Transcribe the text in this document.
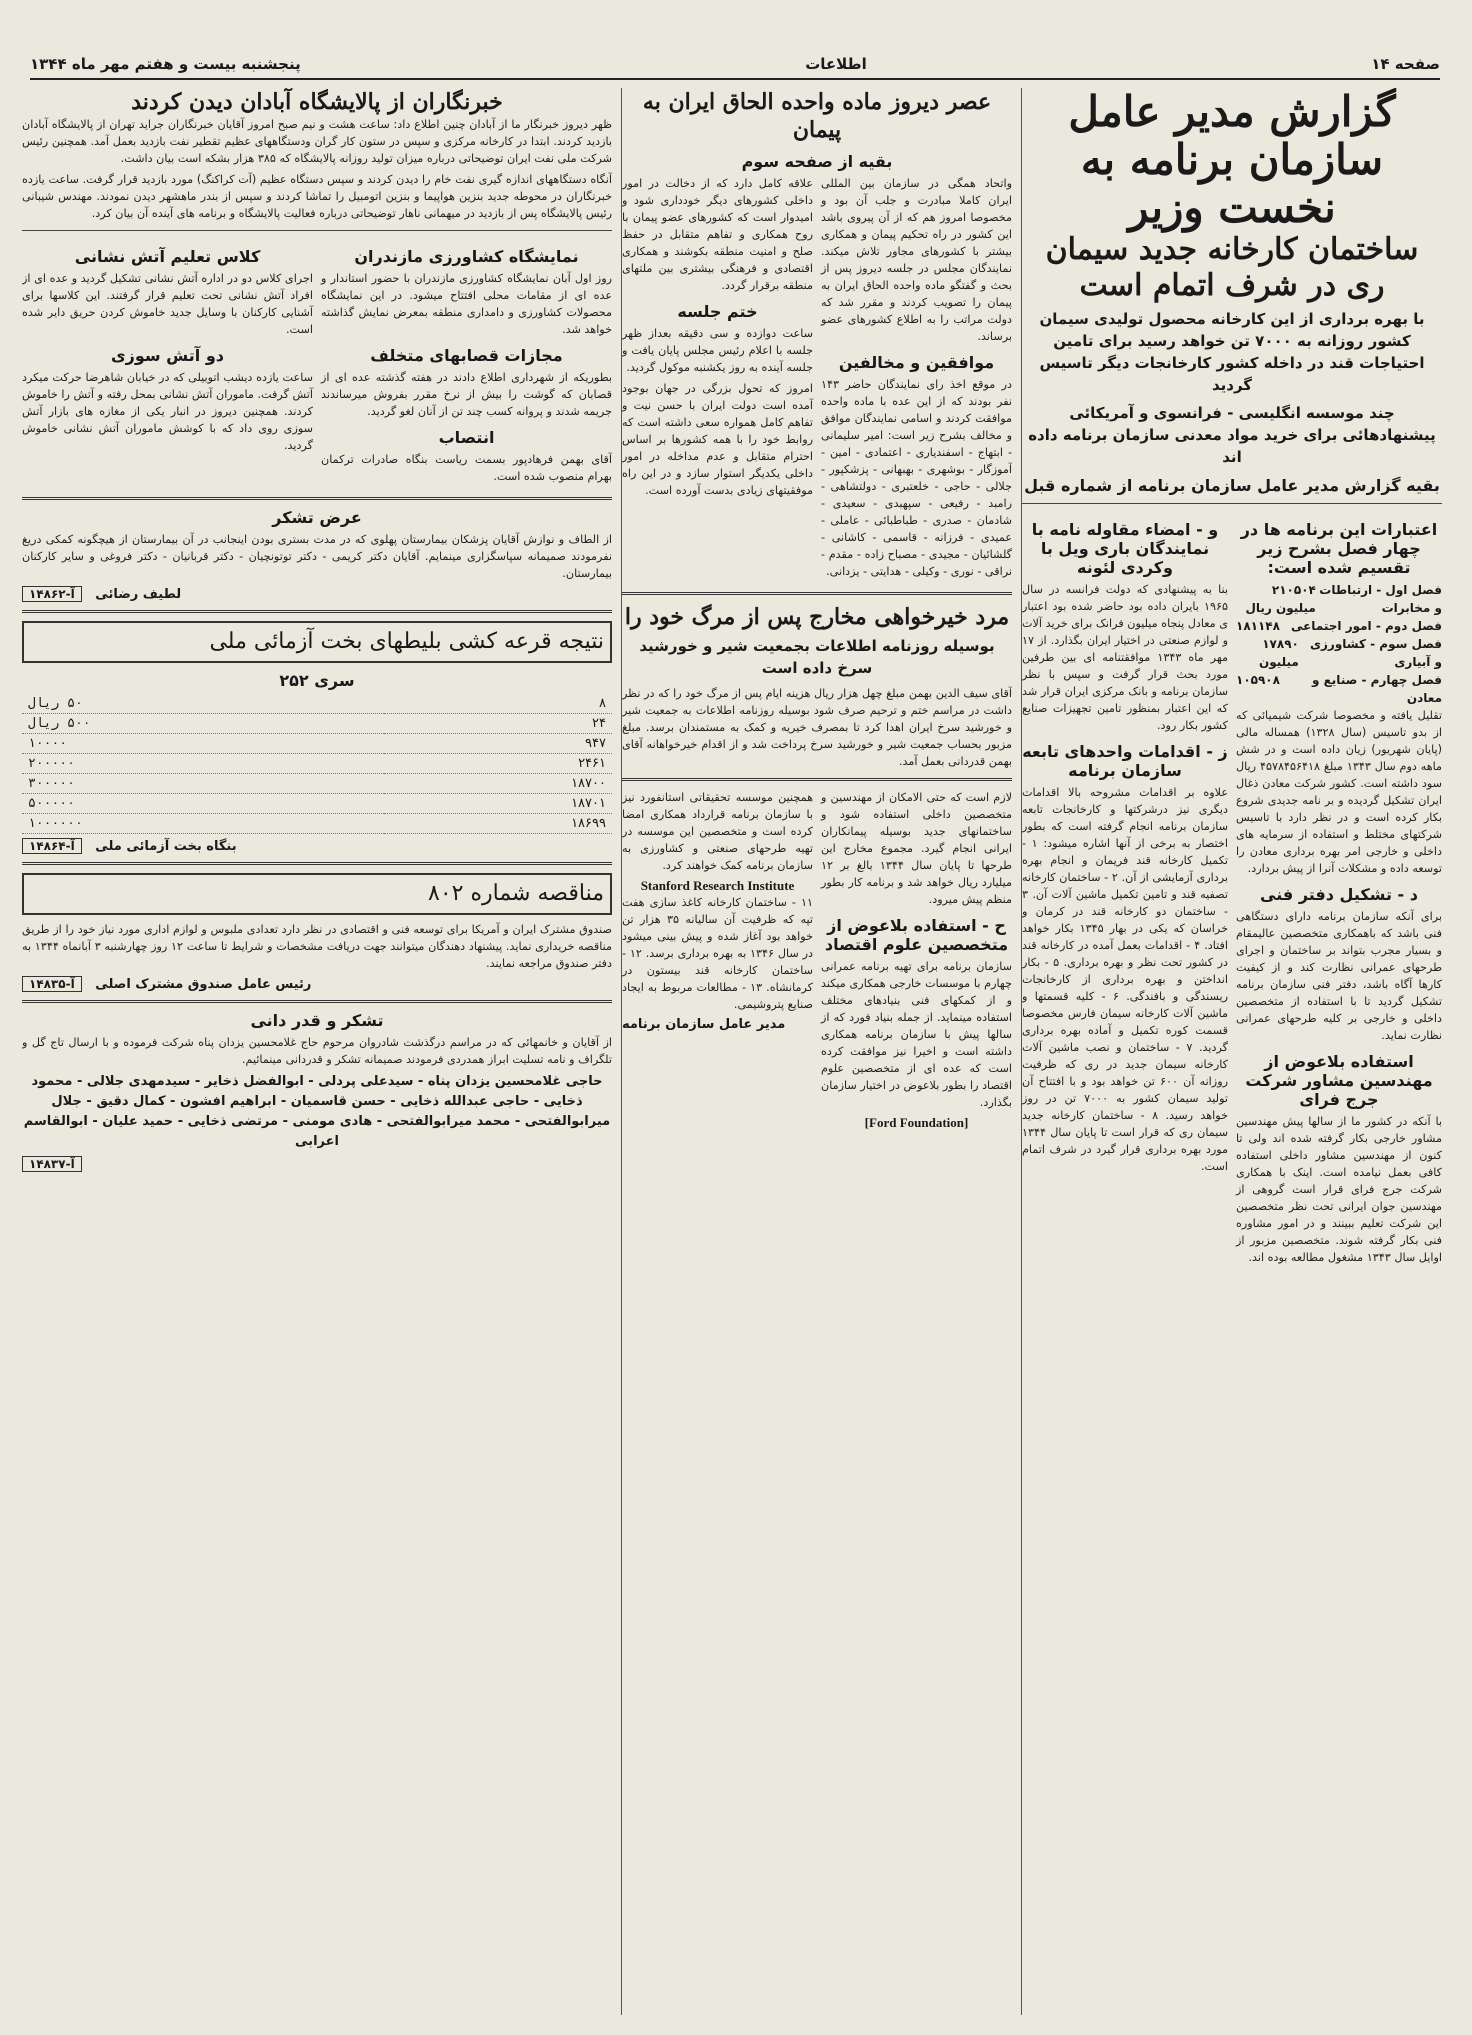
صفحه ۱۴
اطلاعات
پنجشنبه بیست و هفتم مهر ماه ۱۳۴۴
گزارش مدیر عامل سازمان برنامه به نخست وزیر
ساختمان کارخانه جدید سیمان ری در شرف اتمام است
با بهره برداری از این کارخانه محصول تولیدی سیمان کشور روزانه به ۷۰۰۰ تن خواهد رسید برای تامین احتیاجات قند در داخله کشور کارخانجات دیگر تاسیس گردید
چند موسسه انگلیسی - فرانسوی و آمریکائی پیشنهادهائی برای خرید مواد معدنی سازمان برنامه داده اند
بقیه گزارش مدیر عامل سازمان برنامه از شماره قبل
اعتبارات این برنامه ها در چهار فصل بشرح زیر تقسیم شده است:
فصل اول - ارتباطات و مخابرات
۲۱۰۵۰۴ میلیون ریال
فصل دوم - امور اجتماعی
۱۸۱۱۴۸
فصل سوم - کشاورزی و آبیاری
۱۷۸۹۰ میلیون
فصل چهارم - صنایع و معادن
۱۰۵۹۰۸

تقلیل یافته و مخصوصا شرکت شیمیائی که از بدو تاسیس (سال ۱۳۲۸) همساله مالی (پایان شهریور) زیان داده است و در شش ماهه دوم سال ۱۳۴۳ مبلغ ۴۵۷۸۴۵۶۴۱۸ ریال سود داشته است. کشور شرکت معادن ذغال ایران تشکیل گردیده و بر نامه جدیدی شروع بکار کرده است و در نظر دارد با تاسیس شرکتهای مختلط و استفاده از سرمایه های داخلی و خارجی امر بهره برداری معادن را توسعه داده و مشکلات آنرا از پیش بردارد.

د - تشکیل دفتر فنی

برای آنکه سازمان برنامه دارای دستگاهی فنی باشد که باهمکاری متخصصین عالیمقام و بسیار مجرب بتواند بر ساختمان و اجرای طرحهای عمرانی نظارت کند و از کیفیت کارها آگاه باشد، دفتر فنی سازمان برنامه تشکیل گردید تا با استفاده از متخصصین داخلی و خارجی بر کلیه طرحهای عمرانی نظارت نماید.

استفاده بلاعوض از مهندسین مشاور شرکت جرج فرای

با آنکه در کشور ما از سالها پیش مهندسین مشاور خارجی بکار گرفته شده اند ولی تا کنون از مهندسین مشاور داخلی استفاده کافی بعمل نیامده است. اینک با همکاری شرکت جرج فرای قرار است گروهی از مهندسین جوان ایرانی تحت نظر متخصصین این شرکت تعلیم ببینند و در امور مشاوره فنی بکار گرفته شوند. متخصصین مزبور از اوایل سال ۱۳۴۳ مشغول مطالعه بوده اند.

و - امضاء مقاوله نامه با نمایندگان باری ویل با وکردی لئونه

بنا به پیشنهادی که دولت فرانسه در سال ۱۹۶۵ بایران داده بود حاضر شده بود اعتبار ی معادل پنجاه میلیون فرانک برای خرید آلات و لوازم صنعتی در اختیار ایران بگذارد. از ۱۷ مهر ماه ۱۳۴۳ موافقتنامه ای بین طرفین مورد بحث قرار گرفت و سپس با نظر سازمان برنامه و بانک مرکزی ایران قرار شد که این اعتبار بمنظور تامین تجهیزات صنایع کشور بکار رود.

ز - اقدامات واحدهای تابعه سازمان برنامه

علاوه بر اقدامات مشروحه بالا اقدامات دیگری نیز درشرکتها و کارخانجات تابعه سازمان برنامه انجام گرفته است که بطور اختصار به برخی از آنها اشاره میشود: ۱ - تکمیل کارخانه قند فریمان و انجام بهره برداری آزمایشی از آن. ۲ - ساختمان کارخانه تصفیه قند و تامین تکمیل ماشین آلات آن. ۳ - ساختمان دو کارخانه قند در کرمان و خراسان که یکی در بهار ۱۳۴۵ بکار خواهد افتاد. ۴ - اقدامات بعمل آمده در کارخانه قند در کشور تحت نظر و بهره برداری. ۵ - بکار انداختن و بهره برداری از کارخانجات ریسندگی و بافندگی. ۶ - کلیه قسمتها و ماشین آلات کارخانه سیمان فارس مخصوصا قسمت کوره تکمیل و آماده بهره برداری گردید. ۷ - ساختمان و نصب ماشین آلات کارخانه سیمان جدید در ری که ظرفیت روزانه آن ۶۰۰ تن خواهد بود و با افتتاح آن تولید سیمان کشور به ۷۰۰۰ تن در روز خواهد رسید. ۸ - ساختمان کارخانه جدید سیمان ری که قرار است تا پایان سال ۱۳۴۴ مورد بهره برداری قرار گیرد در شرف اتمام است.

عصر دیروز ماده واحده الحاق ایران به پیمان
بقیه از صفحه سوم

واتحاد همگی در سازمان بین المللی ایران کاملا مبادرت و جلب آن بود و مخصوصا امروز هم که از آن پیروی باشد این کشور در راه تحکیم پیمان و همکاری بیشتر با کشورهای مجاور تلاش میکند. نمایندگان مجلس در جلسه دیروز پس از بحث و گفتگو ماده واحده الحاق ایران به پیمان را تصویب کردند و مقرر شد که دولت مراتب را به اطلاع کشورهای عضو برساند.

موافقین و مخالفین

در موقع اخذ رای نمایندگان حاضر ۱۴۳ نفر بودند که از این عده با ماده واحده موافقت کردند و اسامی نمایندگان موافق و مخالف بشرح زیر است: امیر سلیمانی - ابتهاج - اسفندیاری - اعتمادی - امین - آموزگار - بوشهری - بهبهانی - پزشکپور - جلالی - حاجی - خلعتبری - دولتشاهی - رامبد - رفیعی - سپهبدی - سعیدی - شادمان - صدری - طباطبائی - عاملی - عمیدی - فرزانه - قاسمی - کاشانی - گلشائیان - مجیدی - مصباح زاده - مقدم - نراقی - نوری - وکیلی - هدایتی - یزدانی.

علاقه کامل دارد که از دخالت در امور داخلی کشورهای دیگر خودداری شود و امیدوار است که کشورهای عضو پیمان با روح همکاری و تفاهم متقابل در حفظ صلح و امنیت منطقه بکوشند و همکاری اقتصادی و فرهنگی بیشتری بین ملتهای منطقه برقرار گردد.

ختم جلسه

ساعت دوازده و سی دقیقه بعداز ظهر جلسه با اعلام رئیس مجلس پایان یافت و جلسه آینده به روز یکشنبه موکول گردید.

امروز که تحول بزرگی در جهان بوجود آمده است دولت ایران با حسن نیت و تفاهم کامل همواره سعی داشته است که روابط خود را با همه کشورها بر اساس احترام متقابل و عدم مداخله در امور داخلی یکدیگر استوار سازد و در این راه موفقیتهای زیادی بدست آورده است.

مرد خیرخواهی مخارج پس از مرگ خود را
بوسیله روزنامه اطلاعات بجمعیت شیر و خورشید سرخ داده است

آقای سیف الدین بهمن مبلغ چهل هزار ریال هزینه ایام پس از مرگ خود را که در نظر داشت در مراسم ختم و ترحیم صرف شود بوسیله روزنامه اطلاعات به جمعیت شیر و خورشید سرخ ایران اهدا کرد تا بمصرف خیریه و کمک به مستمندان برسد. مبلغ مزبور بحساب جمعیت شیر و خورشید سرخ پرداخت شد و از اقدام خیرخواهانه آقای بهمن قدردانی بعمل آمد.

لازم است که حتی الامکان از مهندسین و متخصصین داخلی استفاده شود و ساختمانهای جدید بوسیله پیمانکاران ایرانی انجام گیرد. مجموع مخارج این طرحها تا پایان سال ۱۳۴۴ بالغ بر ۱۲ میلیارد ریال خواهد شد و برنامه کار بطور منظم پیش میرود.

ح - استفاده بلاعوض از متخصصین علوم اقتصاد

سازمان برنامه برای تهیه برنامه عمرانی چهارم با موسسات خارجی همکاری میکند و از کمکهای فنی بنیادهای مختلف استفاده مینماید. از جمله بنیاد فورد که از سالها پیش با سازمان برنامه همکاری داشته است و اخیرا نیز موافقت کرده است که عده ای از متخصصین علوم اقتصاد را بطور بلاعوض در اختیار سازمان بگذارد.

[Ford Foundation]

همچنین موسسه تحقیقاتی استانفورد نیز با سازمان برنامه قرارداد همکاری امضا کرده است و متخصصین این موسسه در تهیه طرحهای صنعتی و کشاورزی به سازمان برنامه کمک خواهند کرد.

Stanford Research Institute

۱۱ - ساختمان کارخانه کاغذ سازی هفت تپه که ظرفیت آن سالیانه ۳۵ هزار تن خواهد بود آغاز شده و پیش بینی میشود در سال ۱۳۴۶ به بهره برداری برسد. ۱۲ - ساختمان کارخانه قند بیستون در کرمانشاه. ۱۳ - مطالعات مربوط به ایجاد صنایع پتروشیمی.

مدیر عامل سازمان برنامه
خبرنگاران از پالایشگاه آبادان دیدن کردند

ظهر دیروز خبرنگار ما از آبادان چنین اطلاع داد: ساعت هشت و نیم صبح امروز آقایان خبرنگاران جراید تهران از پالایشگاه آبادان بازدید کردند. ابتدا در کارخانه مرکزی و سپس در ستون کار گران ودستگاههای عظیم تقطیر نفت بازدید بعمل آمد. همچنین رئیس شرکت ملی نفت ایران توضیحاتی درباره میزان تولید روزانه پالایشگاه که ۳۸۵ هزار بشکه است بیان داشت.

آنگاه دستگاههای اندازه گیری نفت خام را دیدن کردند و سپس دستگاه عظیم (آت کراکنگ) مورد بازدید قرار گرفت. ساعت یازده خبرنگاران در محوطه جدید بنزین هواپیما و بنزین اتومبیل را تماشا کردند و سپس از بندر ماهشهر دیدن نمودند. مهندس شیبانی رئیس پالایشگاه پس از بازدید در میهمانی ناهار توضیحاتی درباره فعالیت پالایشگاه و برنامه های آینده آن بیان کرد.

نمایشگاه کشاورزی مازندران

روز اول آبان نمایشگاه کشاورزی مازندران با حضور استاندار و عده ای از مقامات محلی افتتاح میشود. در این نمایشگاه محصولات کشاورزی و دامداری منطقه بمعرض نمایش گذاشته خواهد شد.

مجازات قصابهای متخلف

بطوریکه از شهرداری اطلاع دادند در هفته گذشته عده ای از قصابان که گوشت را بیش از نرخ مقرر بفروش میرساندند جریمه شدند و پروانه کسب چند تن از آنان لغو گردید.

انتصاب

آقای بهمن فرهادپور بسمت ریاست بنگاه صادرات ترکمان بهرام منصوب شده است.

کلاس تعلیم آتش نشانی

اجرای کلاس دو در اداره آتش نشانی تشکیل گردید و عده ای از افراد آتش نشانی تحت تعلیم قرار گرفتند. این کلاسها برای آشنایی کارکنان با وسایل جدید خاموش کردن حریق دایر شده است.

دو آتش سوزی

ساعت یازده دیشب اتوبیلی که در خیابان شاهرضا حرکت میکرد آتش گرفت. ماموران آتش نشانی بمحل رفته و آتش را خاموش کردند. همچنین دیروز در انبار یکی از مغازه های بازار آتش سوزی روی داد که با کوشش ماموران آتش نشانی خاموش گردید.

عرض تشکر

از الطاف و نوازش آقایان پزشکان بیمارستان پهلوی که در مدت بستری بودن اینجانب در آن بیمارستان از هیچگونه کمکی دریغ نفرمودند صمیمانه سپاسگزاری مینمایم. آقایان دکتر کریمی - دکتر توتونچیان - دکتر قربانیان - دکتر فروغی و سایر کارکنان بیمارستان.

لطیف رضائی   آ-۱۴۸۶۲
نتیجه قرعه کشی بلیطهای بخت آزمائی ملی
سری ۲۵۲
۸	۵۰ ریال
۲۴	۵۰۰ ریال
۹۴۷	۱۰۰۰۰
۲۴۶۱	۲۰۰۰۰۰
۱۸۷۰۰	۳۰۰۰۰۰
۱۸۷۰۱	۵۰۰۰۰۰
۱۸۶۹۹	۱۰۰۰۰۰۰
بنگاه بخت آزمائی ملی   آ-۱۴۸۶۴
مناقصه شماره ۸۰۲

صندوق مشترک ایران و آمریکا برای توسعه فنی و اقتصادی در نظر دارد تعدادی ملبوس و لوازم اداری مورد نیاز خود را از طریق مناقصه خریداری نماید. پیشنهاد دهندگان میتوانند جهت دریافت مشخصات و شرایط تا ساعت ۱۲ روز چهارشنبه ۳ آبانماه ۱۳۴۴ به دفتر صندوق مراجعه نمایند.

رئیس عامل صندوق مشترک اصلی   آ-۱۴۸۳۵
تشکر و قدر دانی

از آقایان و خانمهائی که در مراسم درگذشت شادروان مرحوم حاج غلامحسین یزدان پناه شرکت فرموده و با ارسال تاج گل و تلگراف و نامه تسلیت ابراز همدردی فرمودند صمیمانه تشکر و قدردانی مینمائیم.

حاجی غلامحسین یزدان پناه - سیدعلی پردلی - ابوالفضل ذخایر - سیدمهدی جلالی - محمود ذخایی - حاجی عبدالله ذخایی - حسن قاسمیان - ابراهیم افشون - کمال دقیق - جلال میرابوالفتحی - محمد میرابوالفتحی - هادی مومنی - مرتضی ذخایی - حمید علیان - ابوالقاسم اعرابی
آ-۱۴۸۳۷
